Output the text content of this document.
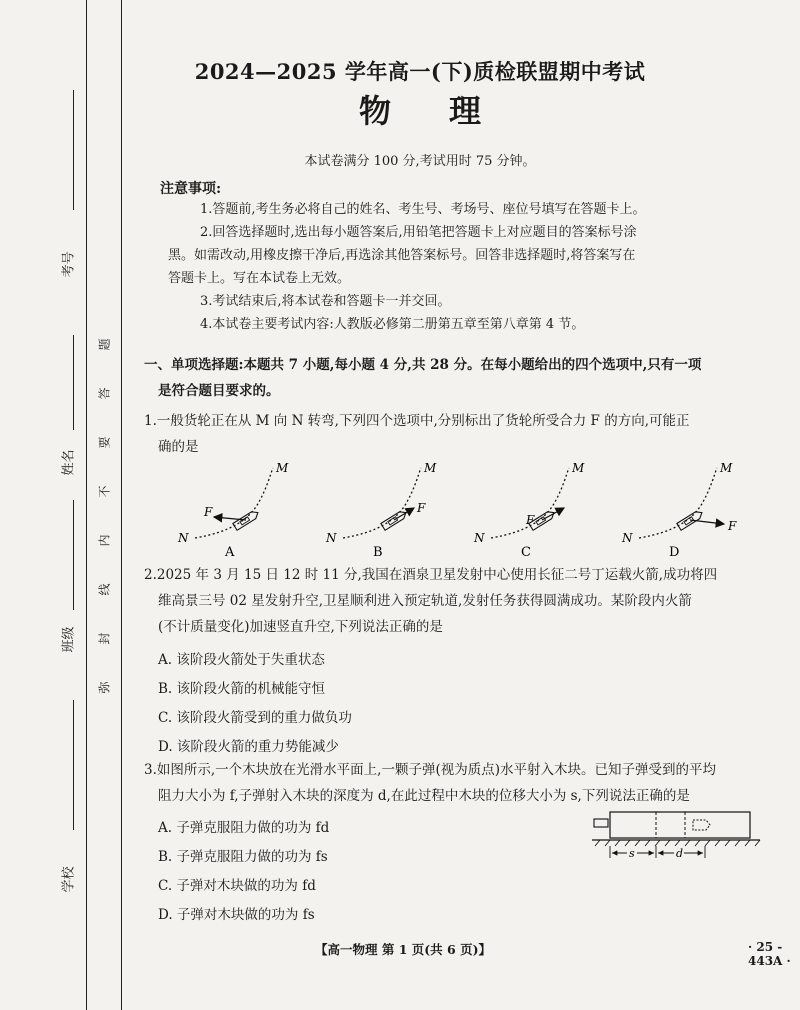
考号
姓名
班级
学校
题
答
要
不
内
线
封
弥
2024—2025 学年高一(下)质检联盟期中考试
物理
本试卷满分 100 分,考试用时 75 分钟。
注意事项:

1.答题前,考生务必将自己的姓名、考生号、考场号、座位号填写在答题卡上。

2.回答选择题时,选出每小题答案后,用铅笔把答题卡上对应题目的答案标号涂

黑。如需改动,用橡皮擦干净后,再选涂其他答案标号。回答非选择题时,将答案写在

答题卡上。写在本试卷上无效。

3.考试结束后,将本试卷和答题卡一并交回。

4.本试卷主要考试内容:人教版必修第二册第五章至第八章第 4 节。

一、单项选择题:本题共 7 小题,每小题 4 分,共 28 分。在每小题给出的四个选项中,只有一项
是符合题目要求的。

1.一般货轮正在从 M 向 N 转弯,下列四个选项中,分别标出了货轮所受合力 F 的方向,可能正

确的是

M
N
F
A
M
N
F
B
M
N
F
C
M
N
F
D

2.2025 年 3 月 15 日 12 时 11 分,我国在酒泉卫星发射中心使用长征二号丁运载火箭,成功将四

维高景三号 02 星发射升空,卫星顺利进入预定轨道,发射任务获得圆满成功。某阶段内火箭

(不计质量变化)加速竖直升空,下列说法正确的是

A. 该阶段火箭处于失重状态
B. 该阶段火箭的机械能守恒
C. 该阶段火箭受到的重力做负功
D. 该阶段火箭的重力势能减少

3.如图所示,一个木块放在光滑水平面上,一颗子弹(视为质点)水平射入木块。已知子弹受到的平均

阻力大小为 f,子弹射入木块的深度为 d,在此过程中木块的位移大小为 s,下列说法正确的是

A. 子弹克服阻力做的功为 fd
B. 子弹克服阻力做的功为 fs
C. 子弹对木块做的功为 fd
D. 子弹对木块做的功为 fs
s	d
【高一物理 第 1 页(共 6 页)】	· 25 - 443A ·
